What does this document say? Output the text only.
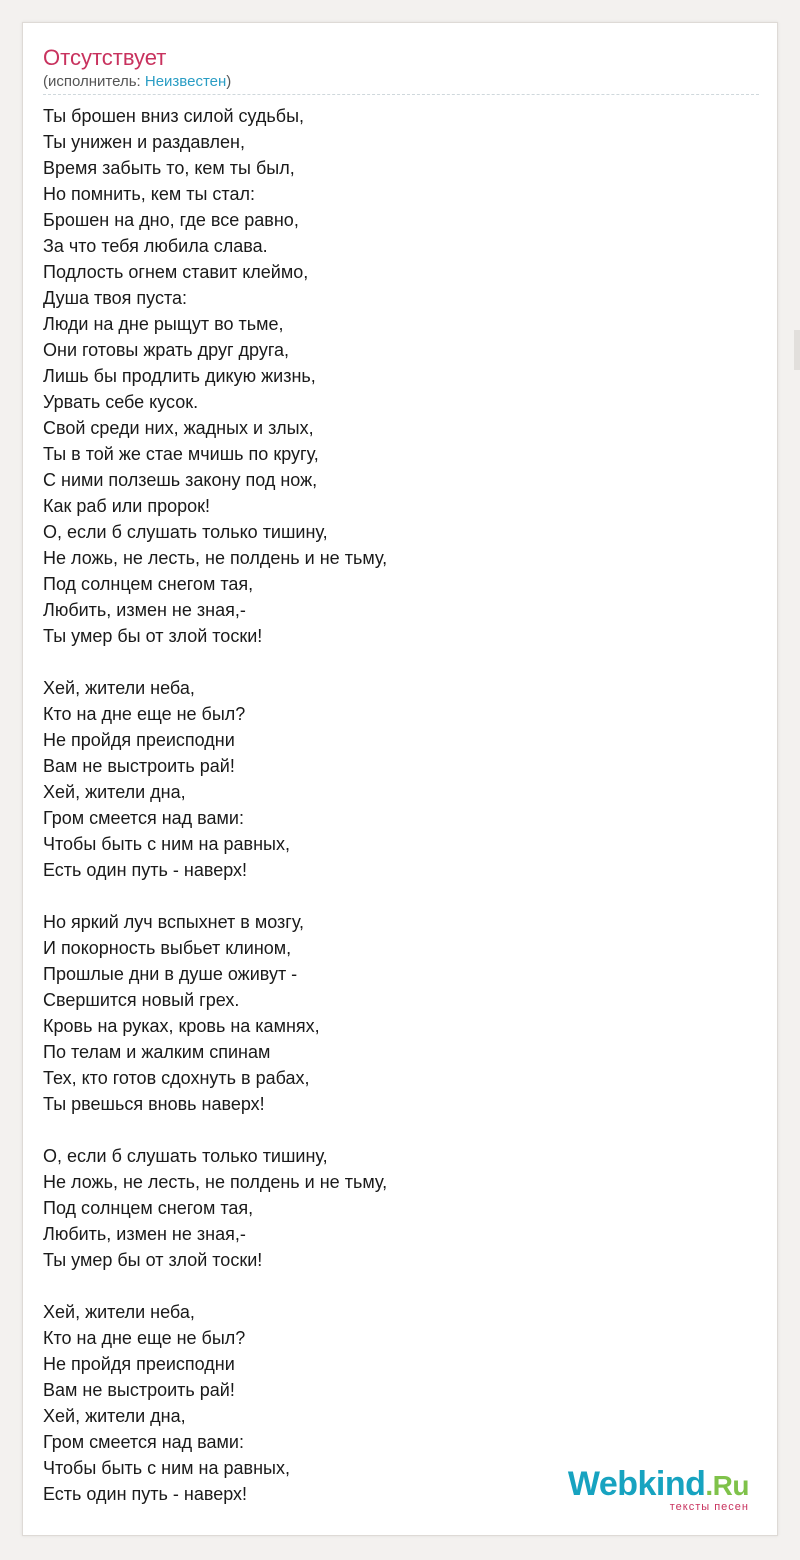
Отсутствует
(исполнитель: Неизвестен)
Ты брошен вниз силой судьбы,
Ты унижен и раздавлен,
Время забыть то, кем ты был,
Но помнить, кем ты стал:
Брошен на дно, где все равно,
За что тебя любила слава.
Подлость огнем ставит клеймо,
Душа твоя пуста:
Люди на дне рыщут во тьме,
Они готовы жрать друг друга,
Лишь бы продлить дикую жизнь,
Урвать себе кусок.
Свой среди них, жадных и злых,
Ты в той же стае мчишь по кругу,
С ними ползешь закону под нож,
Как раб или пророк!
О, если б слушать только тишину,
Не ложь, не лесть, не полдень и не тьму,
Под солнцем снегом тая,
Любить, измен не зная,-
Ты умер бы от злой тоски!
Хей, жители неба,
Кто на дне еще не был?
Не пройдя преисподни
Вам не выстроить рай!
Хей, жители дна,
Гром смеется над вами:
Чтобы быть с ним на равных,
Есть один путь - наверх!
Но яркий луч вспыхнет в мозгу,
И покорность выбьет клином,
Прошлые дни в душе оживут -
Свершится новый грех.
Кровь на руках, кровь на камнях,
По телам и жалким спинам
Тех, кто готов сдохнуть в рабах,
Ты рвешься вновь наверх!
О, если б слушать только тишину,
Не ложь, не лесть, не полдень и не тьму,
Под солнцем снегом тая,
Любить, измен не зная,-
Ты умер бы от злой тоски!
Хей, жители неба,
Кто на дне еще не был?
Не пройдя преисподни
Вам не выстроить рай!
Хей, жители дна,
Гром смеется над вами:
Чтобы быть с ним на равных,
Есть один путь - наверх!	Webkind.Ru
тексты песен
